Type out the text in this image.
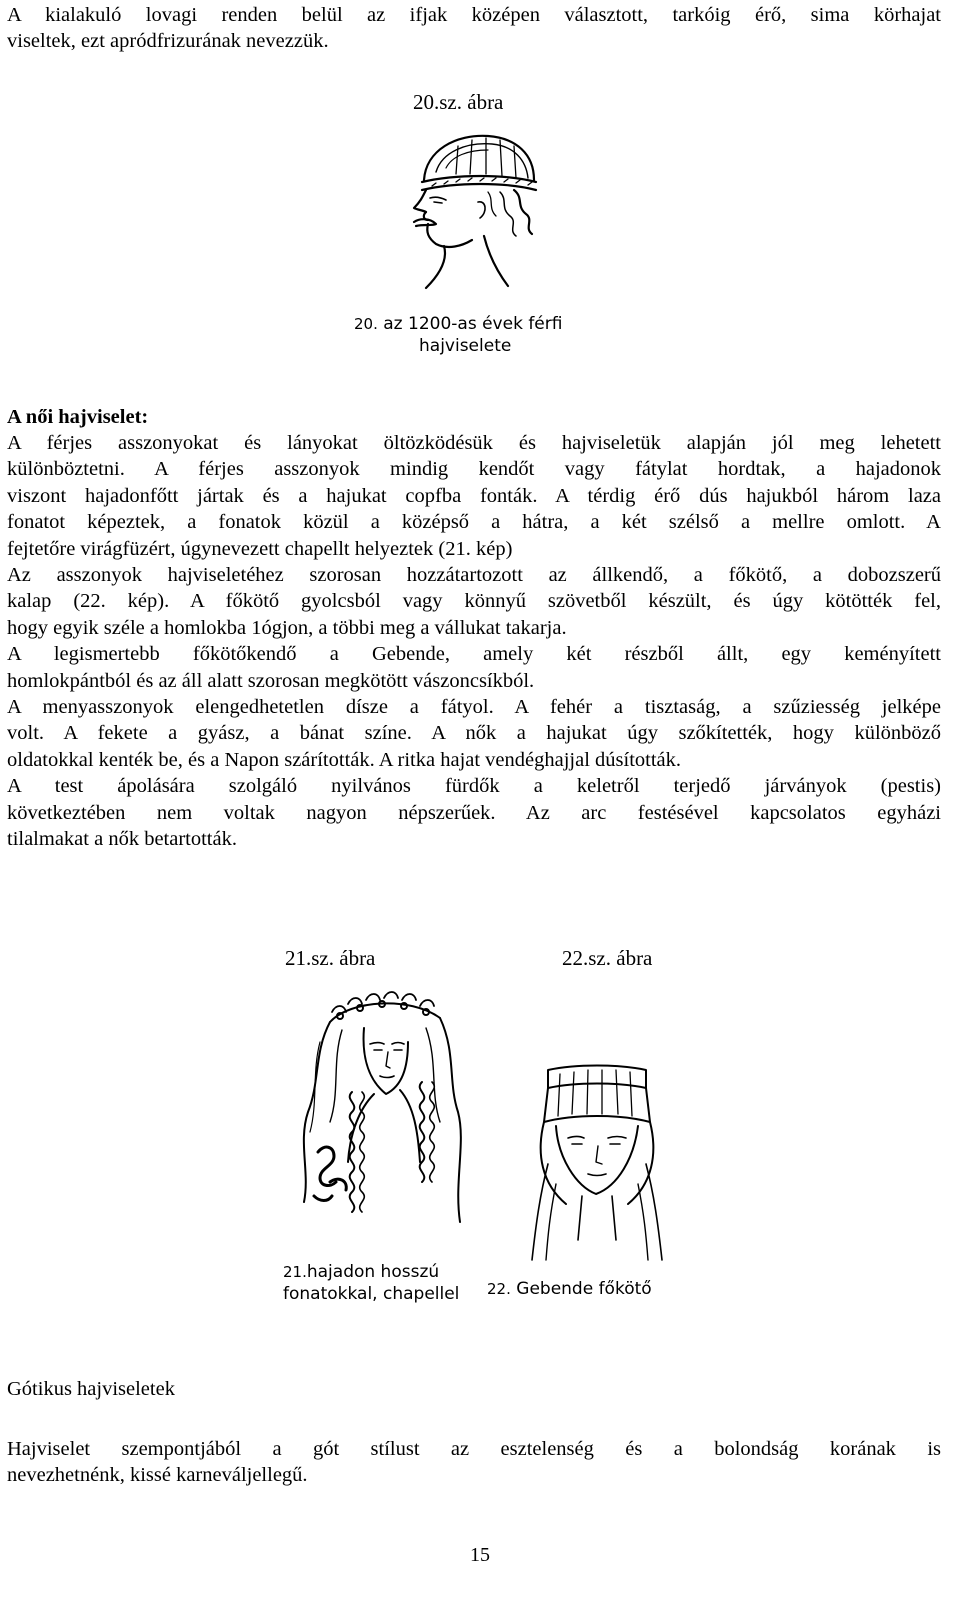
A kialakuló lovagi renden belül az ifjak középen választott, tarkóig érő, sima körhajat
viseltek, ezt apródfrizurának nevezzük.
20.sz. ábra
20. az 1200-as évek férfi
hajviselete
A női hajviselet:
A férjes asszonyokat és lányokat öltözködésük és hajviseletük alapján jól meg lehetett
különböztetni. A férjes asszonyok mindig kendőt vagy fátylat hordtak, a hajadonok
viszont hajadonfőtt jártak és a hajukat copfba fonták. A térdig érő dús hajukból három laza
fonatot képeztek, a fonatok közül a középső a hátra, a két szélső a mellre omlott. A
fejtetőre virágfüzért, úgynevezett chapellt helyeztek (21. kép)
Az asszonyok hajviseletéhez szorosan hozzátartozott az állkendő, a főkötő, a dobozszerű
kalap (22. kép). A főkötő gyolcsból vagy könnyű szövetből készült, és úgy kötötték fel,
hogy egyik széle a homlokba 1ógjon, a többi meg a vállukat takarja.
A legismertebb főkötőkendő a Gebende, amely két részből állt, egy keményített
homlokpántból és az áll alatt szorosan megkötött vászoncsíkból.
A menyasszonyok elengedhetetlen dísze a fátyol. A fehér a tisztaság, a szűziesség jelképe
volt. A fekete a gyász, a bánat színe. A nők a hajukat úgy szőkítették, hogy különböző
oldatokkal kenték be, és a Napon szárították. A ritka hajat vendéghajjal dúsították.
A test ápolására szolgáló nyilvános fürdők a keletről terjedő járványok (pestis)
következtében nem voltak nagyon népszerűek. Az arc festésével kapcsolatos egyházi
tilalmakat a nők betartották.
21.sz. ábra
21.hajadon hosszú
fonatokkal, chapellel
22.sz. ábra
22. Gebende főkötő
Gótikus hajviseletek
Hajviselet szempontjából a gót stílust az esztelenség és a bolondság korának is
nevezhetnénk, kissé karneváljellegű.
15
